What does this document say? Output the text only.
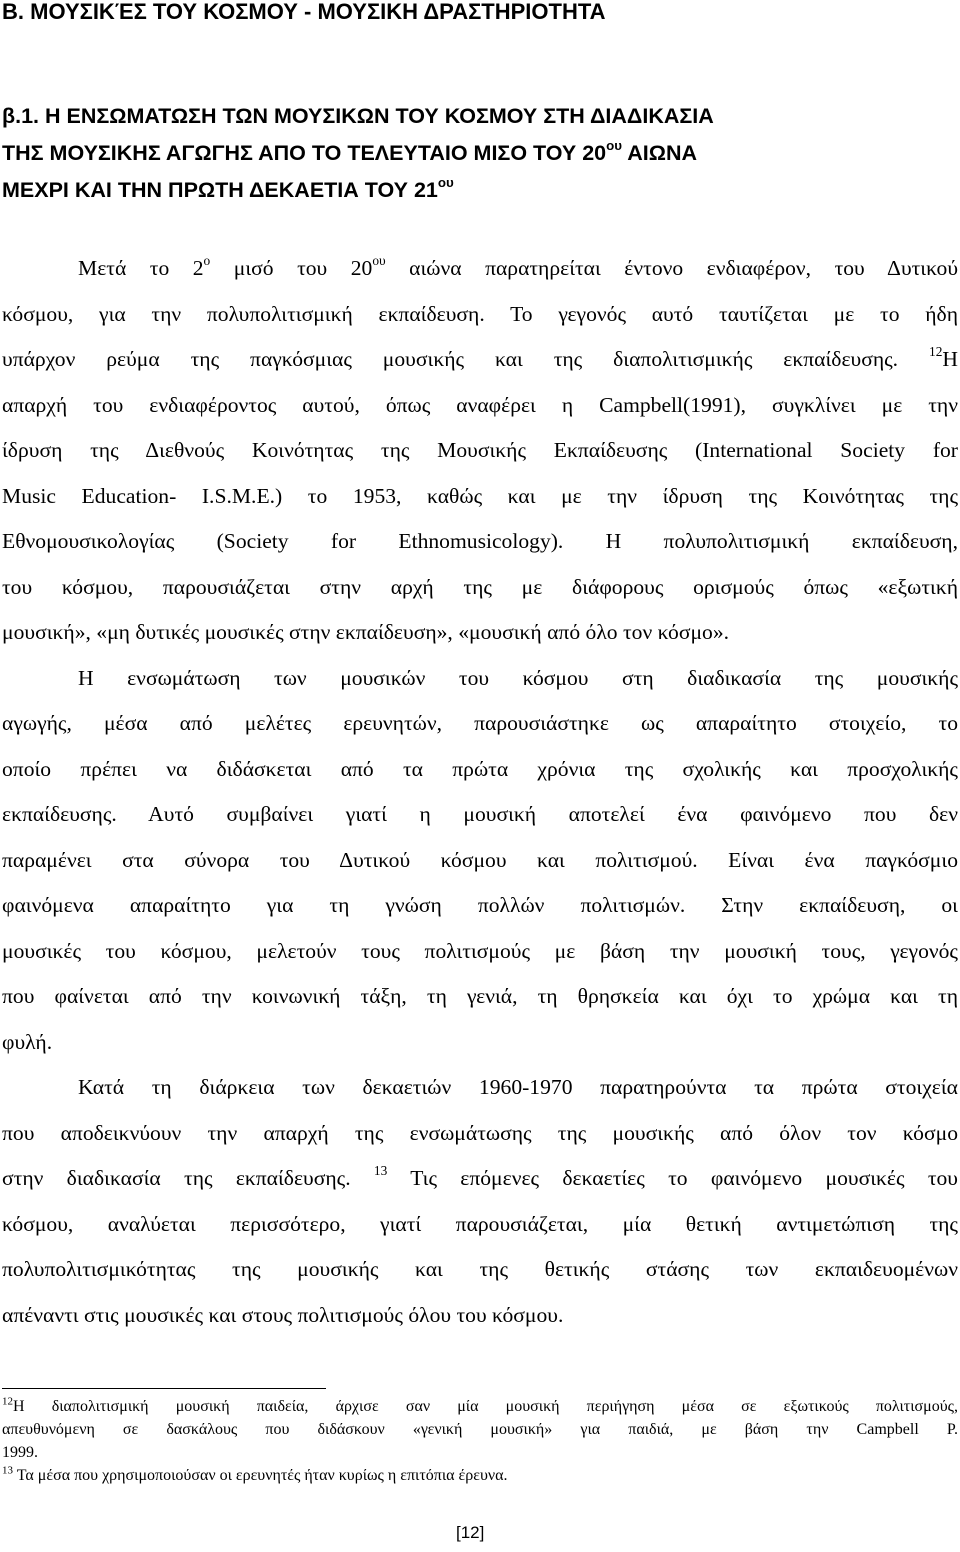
Β. ΜΟΥΣΙΚΈΣ ΤΟΥ ΚΟΣΜΟΥ - ΜΟΥΣΙΚΗ ΔΡΑΣΤΗΡΙΟΤΗΤΑ
β.1. Η ΕΝΣΩΜΑΤΩΣΗ ΤΩΝ ΜΟΥΣΙΚΩΝ ΤΟΥ ΚΟΣΜΟΥ ΣΤΗ ΔΙΑΔΙΚΑΣΙΑ
ΤΗΣ ΜΟΥΣΙΚΗΣ ΑΓΩΓΗΣ ΑΠΟ ΤΟ ΤΕΛΕΥΤΑΙΟ ΜΙΣΟ ΤΟΥ $20^{o\upsilon}$ ΑΙΩΝΑ
ΜΕΧΡΙ ΚΑΙ ΤΗΝ ΠΡΩΤΗ ΔΕΚΑΕΤΙΑ ΤΟΥ $21^{o\upsilon}$
Μετά το $2^o$ μισό του $20^{o\upsilon}$ αιώνα παρατηρείται έντονο ενδιαφέρον, του Δυτικού
κόσμου, για την πολυπολιτισμική εκπαίδευση. Το γεγονός αυτό ταυτίζεται με το ήδη
υπάρχον ρεύμα της παγκόσμιας μουσικής και της διαπολιτισμικής εκπαίδευσης. $^{12}$Η
απαρχή του ενδιαφέροντος αυτού, όπως αναφέρει η Campbell(1991), συγκλίνει με την
ίδρυση της Διεθνούς Κοινότητας της Μουσικής Εκπαίδευσης (International Society for
Music Education- I.S.M.E.) το 1953, καθώς και με την ίδρυση της Κοινότητας της
Εθνομουσικολογίας (Society for Ethnomusicology). Η πολυπολιτισμική εκπαίδευση,
του κόσμου, παρουσιάζεται στην αρχή της με διάφορους ορισμούς όπως «εξωτική
μουσική», «μη δυτικές μουσικές στην εκπαίδευση», «μουσική από όλο τον κόσμο».
Η ενσωμάτωση των μουσικών του κόσμου στη διαδικασία της μουσικής
αγωγής, μέσα από μελέτες ερευνητών, παρουσιάστηκε ως απαραίτητο στοιχείο, το
οποίο πρέπει να διδάσκεται από τα πρώτα χρόνια της σχολικής και προσχολικής
εκπαίδευσης. Αυτό συμβαίνει γιατί η μουσική αποτελεί ένα φαινόμενο που δεν
παραμένει στα σύνορα του Δυτικού κόσμου και πολιτισμού. Είναι ένα παγκόσμιο
φαινόμενα απαραίτητο για τη γνώση πολλών πολιτισμών. Στην εκπαίδευση, οι
μουσικές του κόσμου, μελετούν τους πολιτισμούς με βάση την μουσική τους, γεγονός
που φαίνεται από την κοινωνική τάξη, τη γενιά, τη θρησκεία και όχι το χρώμα και τη
φυλή.
Κατά τη διάρκεια των δεκαετιών 1960-1970 παρατηρούντα τα πρώτα στοιχεία
που αποδεικνύουν την απαρχή της ενσωμάτωσης της μουσικής από όλον τον κόσμο
στην διαδικασία της εκπαίδευσης. $^{13}$ Τις επόμενες δεκαετίες το φαινόμενο μουσικές του
κόσμου, αναλύεται περισσότερο, γιατί παρουσιάζεται, μία θετική αντιμετώπιση της
πολυπολιτισμικότητας της μουσικής και της θετικής στάσης των εκπαιδευομένων
απέναντι στις μουσικές και στους πολιτισμούς όλου του κόσμου.
$^{12}$Η διαπολιτισμική μουσική παιδεία, άρχισε σαν μία μουσική περιήγηση μέσα σε εξωτικούς πολιτισμούς,
απευθυνόμενη σε δασκάλους που διδάσκουν «γενική μουσική» για παιδιά, με βάση την Campbell P.
1999.
$^{13}$ Τα μέσα που χρησιμοποιούσαν οι ερευνητές ήταν κυρίως η επιτόπια έρευνα.
[12]
